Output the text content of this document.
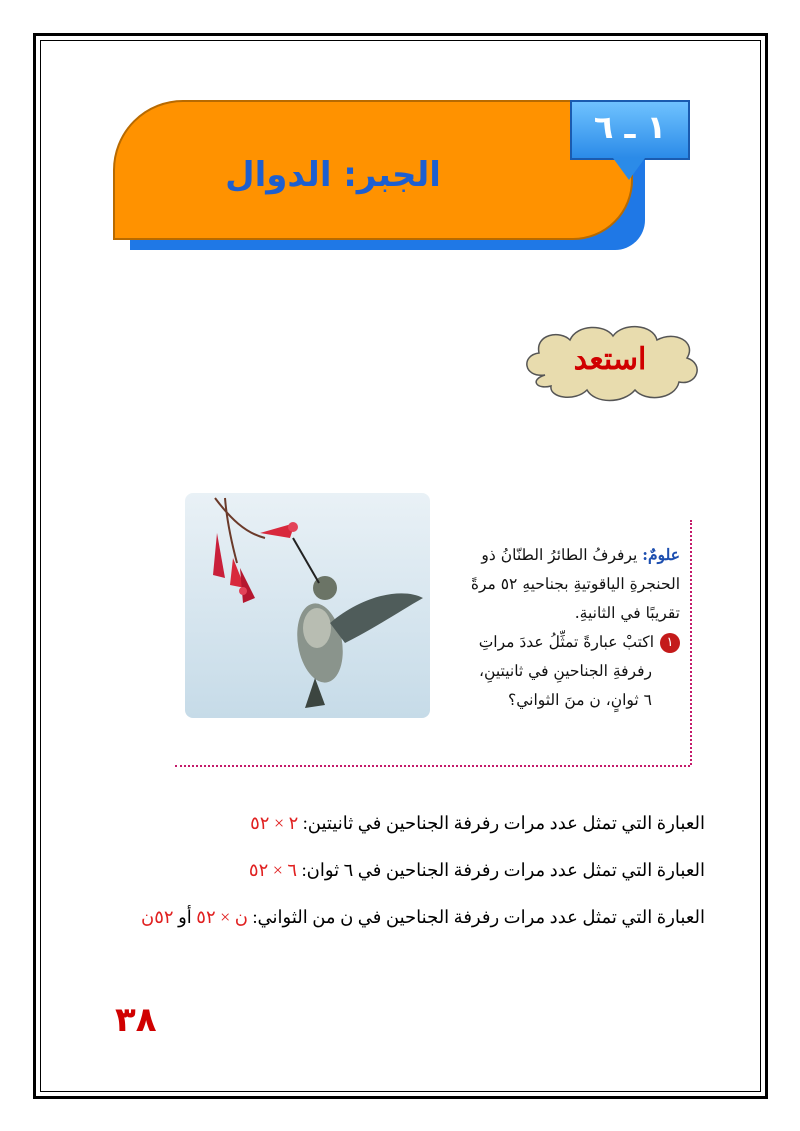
الجبر: الدوال
١ ـ ٦
استعد
علومٌ: يرفرفُ الطائرُ الطنّانُ ذو
الحنجرةِ الياقوتيةِ بجناحيهِ ٥٢ مرةً
تقريبًا في الثانيةِ.
١اكتبْ عبارةً تمثِّلُ عددَ مراتِ
رفرفةِ الجناحينِ في ثانيتينِ،
٦ ثوانٍ، ن منَ الثواني؟
العبارة التي تمثل عدد مرات رفرفة الجناحين في ثانيتين: ٢ × ٥٢
العبارة التي تمثل عدد مرات رفرفة الجناحين في ٦ ثوان: ٦ × ٥٢
العبارة التي تمثل عدد مرات رفرفة الجناحين في ن من الثواني: ن × ٥٢ أو ٥٢ن
٣٨
